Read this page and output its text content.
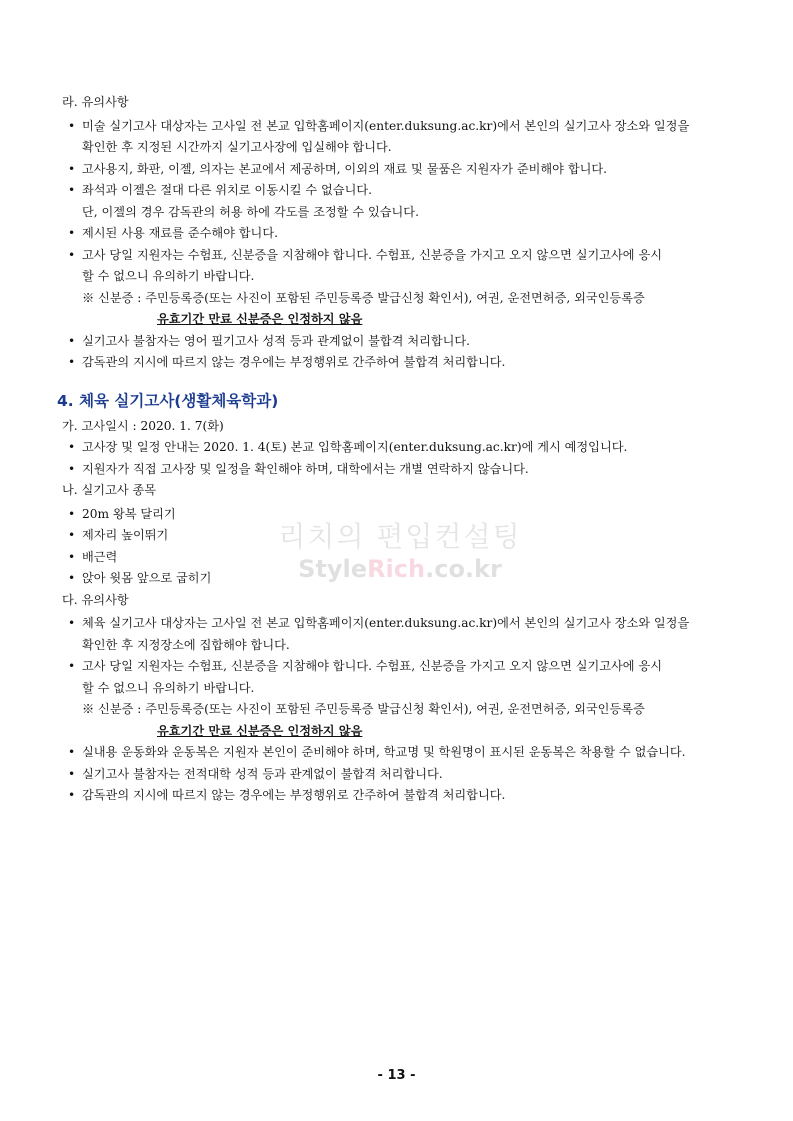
라. 유의사항

• 미술 실기고사 대상자는 고사일 전 본교 입학홈페이지(enter.duksung.ac.kr)에서 본인의 실기고사 장소와 일정을

확인한 후 지정된 시간까지 실기고사장에 입실해야 합니다.

• 고사용지, 화판, 이젤, 의자는 본교에서 제공하며, 이외의 재료 및 물품은 지원자가 준비해야 합니다.

• 좌석과 이젤은 절대 다른 위치로 이동시킬 수 없습니다.

단, 이젤의 경우 감독관의 허용 하에 각도를 조정할 수 있습니다.

• 제시된 사용 재료를 준수해야 합니다.

• 고사 당일 지원자는 수험표, 신분증을 지참해야 합니다. 수험표, 신분증을 가지고 오지 않으면 실기고사에 응시

할 수 없으니 유의하기 바랍니다.

※ 신분증 : 주민등록증(또는 사진이 포함된 주민등록증 발급신청 확인서), 여권, 운전면허증, 외국인등록증

유효기간 만료 신분증은 인정하지 않음

• 실기고사 불참자는 영어 필기고사 성적 등과 관계없이 불합격 처리합니다.

• 감독관의 지시에 따르지 않는 경우에는 부정행위로 간주하여 불합격 처리합니다.

4. 체육 실기고사(생활체육학과)

가. 고사일시 : 2020. 1. 7(화)

• 고사장 및 일정 안내는 2020. 1. 4(토) 본교 입학홈페이지(enter.duksung.ac.kr)에 게시 예정입니다.

• 지원자가 직접 고사장 및 일정을 확인해야 하며, 대학에서는 개별 연락하지 않습니다.

나. 실기고사 종목

• 20m 왕복 달리기

• 제자리 높이뛰기

• 배근력

• 앉아 윗몸 앞으로 굽히기

다. 유의사항

• 체육 실기고사 대상자는 고사일 전 본교 입학홈페이지(enter.duksung.ac.kr)에서 본인의 실기고사 장소와 일정을

확인한 후 지정장소에 집합해야 합니다.

• 고사 당일 지원자는 수험표, 신분증을 지참해야 합니다. 수험표, 신분증을 가지고 오지 않으면 실기고사에 응시

할 수 없으니 유의하기 바랍니다.

※ 신분증 : 주민등록증(또는 사진이 포함된 주민등록증 발급신청 확인서), 여권, 운전면허증, 외국인등록증

유효기간 만료 신분증은 인정하지 않음

• 실내용 운동화와 운동복은 지원자 본인이 준비해야 하며, 학교명 및 학원명이 표시된 운동복은 착용할 수 없습니다.

• 실기고사 불참자는 전적대학 성적 등과 관계없이 불합격 처리합니다.

• 감독관의 지시에 따르지 않는 경우에는 부정행위로 간주하여 불합격 처리합니다.

리치의 편입컨설팅
StyleRich.co.kr
- 13 -
